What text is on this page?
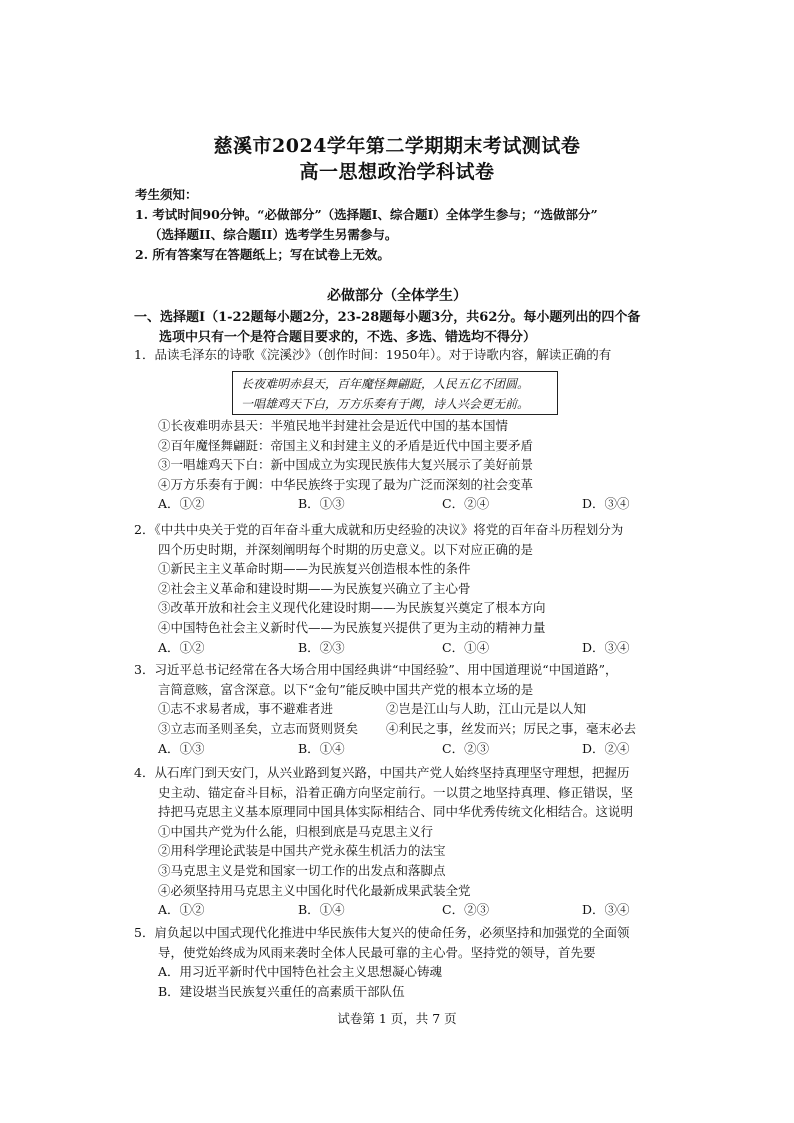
慈溪市2024学年第二学期期末考试测试卷
高一思想政治学科试卷
考生须知：
1. 考试时间90分钟。“必做部分”（选择题I、综合题I）全体学生参与；“选做部分”
（选择题II、综合题II）选考学生另需参与。
2. 所有答案写在答题纸上；写在试卷上无效。
必做部分（全体学生）
一、选择题I（1-22题每小题2分，23-28题每小题3分，共62分。每小题列出的四个备
选项中只有一个是符合题目要求的，不选、多选、错选均不得分）
1．品读毛泽东的诗歌《浣溪沙》（创作时间：1950年）。对于诗歌内容，解读正确的有
长夜难明赤县天，百年魔怪舞翩跹，人民五亿不团圆。
一唱雄鸡天下白，万方乐奏有于阗，诗人兴会更无前。
①长夜难明赤县天：半殖民地半封建社会是近代中国的基本国情
②百年魔怪舞翩跹：帝国主义和封建主义的矛盾是近代中国主要矛盾
③一唱雄鸡天下白：新中国成立为实现民族伟大复兴展示了美好前景
④万方乐奏有于阗：中华民族终于实现了最为广泛而深刻的社会变革
A．①②	B．①③	C．②④	D．③④
2．《中共中央关于党的百年奋斗重大成就和历史经验的决议》将党的百年奋斗历程划分为
四个历史时期，并深刻阐明每个时期的历史意义。以下对应正确的是
①新民主主义革命时期——为民族复兴创造根本性的条件
②社会主义革命和建设时期——为民族复兴确立了主心骨
③改革开放和社会主义现代化建设时期——为民族复兴奠定了根本方向
④中国特色社会主义新时代——为民族复兴提供了更为主动的精神力量
A．①②	B．②③	C．①④	D．③④
3．习近平总书记经常在各大场合用中国经典讲“中国经验”、用中国道理说“中国道路”，
言简意赅，富含深意。以下“金句”能反映中国共产党的根本立场的是
①志不求易者成，事不避难者进	②岂是江山与人助，江山元是以人知
③立志而圣则圣矣，立志而贤则贤矣 ④利民之事，丝发而兴；厉民之事，毫末必去
A．①③	B．①④	C．②③	D．②④
4．从石库门到天安门，从兴业路到复兴路，中国共产党人始终坚持真理坚守理想，把握历
史主动、锚定奋斗目标，沿着正确方向坚定前行。一以贯之地坚持真理、修正错误，坚
持把马克思主义基本原理同中国具体实际相结合、同中华优秀传统文化相结合。这说明
①中国共产党为什么能，归根到底是马克思主义行
②用科学理论武装是中国共产党永葆生机活力的法宝
③马克思主义是党和国家一切工作的出发点和落脚点
④必须坚持用马克思主义中国化时代化最新成果武装全党
A．①②	B．①④	C．②③	D．③④
5．肩负起以中国式现代化推进中华民族伟大复兴的使命任务，必须坚持和加强党的全面领
导，使党始终成为风雨来袭时全体人民最可靠的主心骨。坚持党的领导，首先要
A．用习近平新时代中国特色社会主义思想凝心铸魂
B．建设堪当民族复兴重任的高素质干部队伍
试卷第 1 页，共 7 页
